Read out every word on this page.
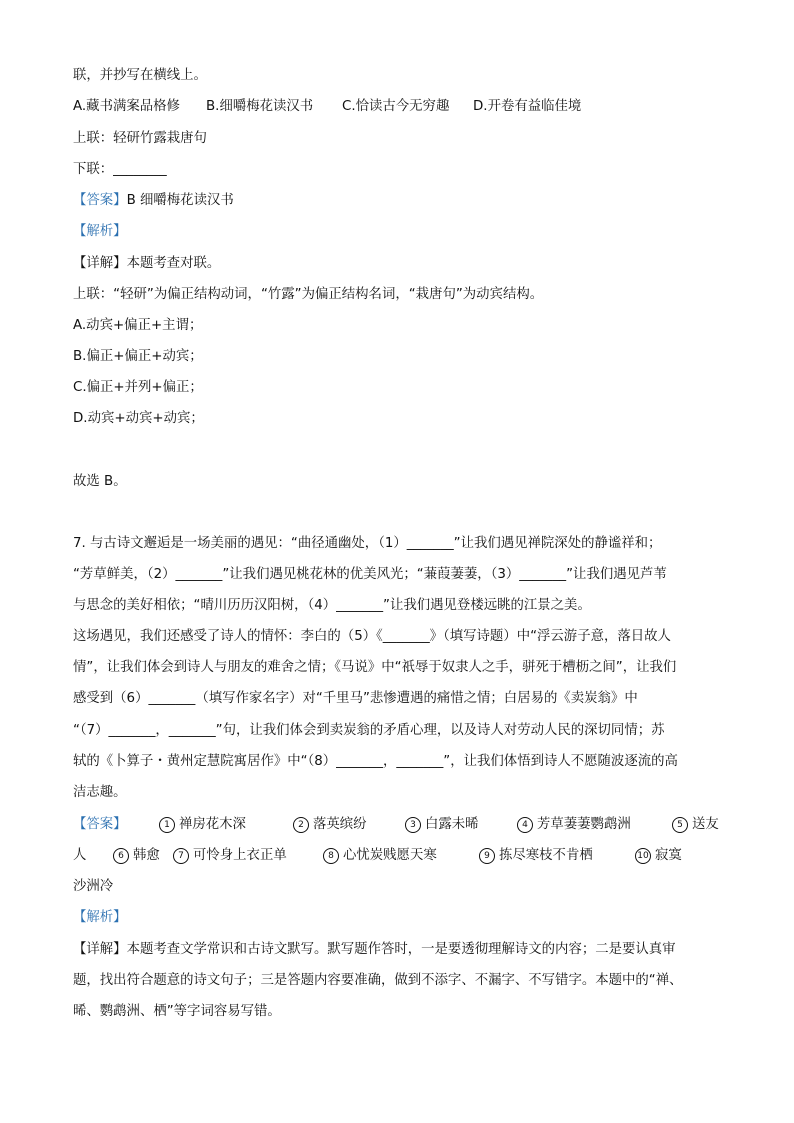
联，并抄写在横线上。
A.藏书满案品格修 B.细嚼梅花读汉书 C.恰读古今无穷趣 D.开卷有益临佳境
上联：轻研竹露栽唐句
下联：________
【答案】B 细嚼梅花读汉书
【解析】
【详解】本题考查对联。
上联：“轻研”为偏正结构动词，“竹露”为偏正结构名词，“栽唐句”为动宾结构。
A.动宾+偏正+主谓；
B.偏正+偏正+动宾；
C.偏正+并列+偏正；
D.动宾+动宾+动宾；
故选 B。
7. 与古诗文邂逅是一场美丽的遇见：“曲径通幽处，（1）_______”让我们遇见禅院深处的静谧祥和；
“芳草鲜美，（2）_______”让我们遇见桃花林的优美风光；“蒹葭萋萋，（3）_______”让我们遇见芦苇
与思念的美好相依；“晴川历历汉阳树，（4）_______”让我们遇见登楼远眺的江景之美。
这场遇见，我们还感受了诗人的情怀：李白的（5）《_______》（填写诗题）中“浮云游子意，落日故人
情”，让我们体会到诗人与朋友的难舍之情；《马说》中“祇辱于奴隶人之手，骈死于槽枥之间”，让我们
感受到（6）_______（填写作家名字）对“千里马”悲惨遭遇的痛惜之情；白居易的《卖炭翁》中
“（7）_______，_______”句，让我们体会到卖炭翁的矛盾心理，以及诗人对劳动人民的深切同情；苏
轼的《卜算子・黄州定慧院寓居作》中“（8）_______，_______”，让我们体悟到诗人不愿随波逐流的高
洁志趣。
【答案】	1 禅房花木深	2 落英缤纷	3 白露未晞	4 芳草萋萋鹦鹉洲	5 送友
人	6 韩愈 7 可怜身上衣正单	8 心忧炭贱愿天寒	9 拣尽寒枝不肯栖	10 寂寞
沙洲冷
【解析】
【详解】本题考查文学常识和古诗文默写。默写题作答时，一是要透彻理解诗文的内容；二是要认真审
题，找出符合题意的诗文句子；三是答题内容要准确，做到不添字、不漏字、不写错字。本题中的“禅、
晞、鹦鹉洲、栖”等字词容易写错。
